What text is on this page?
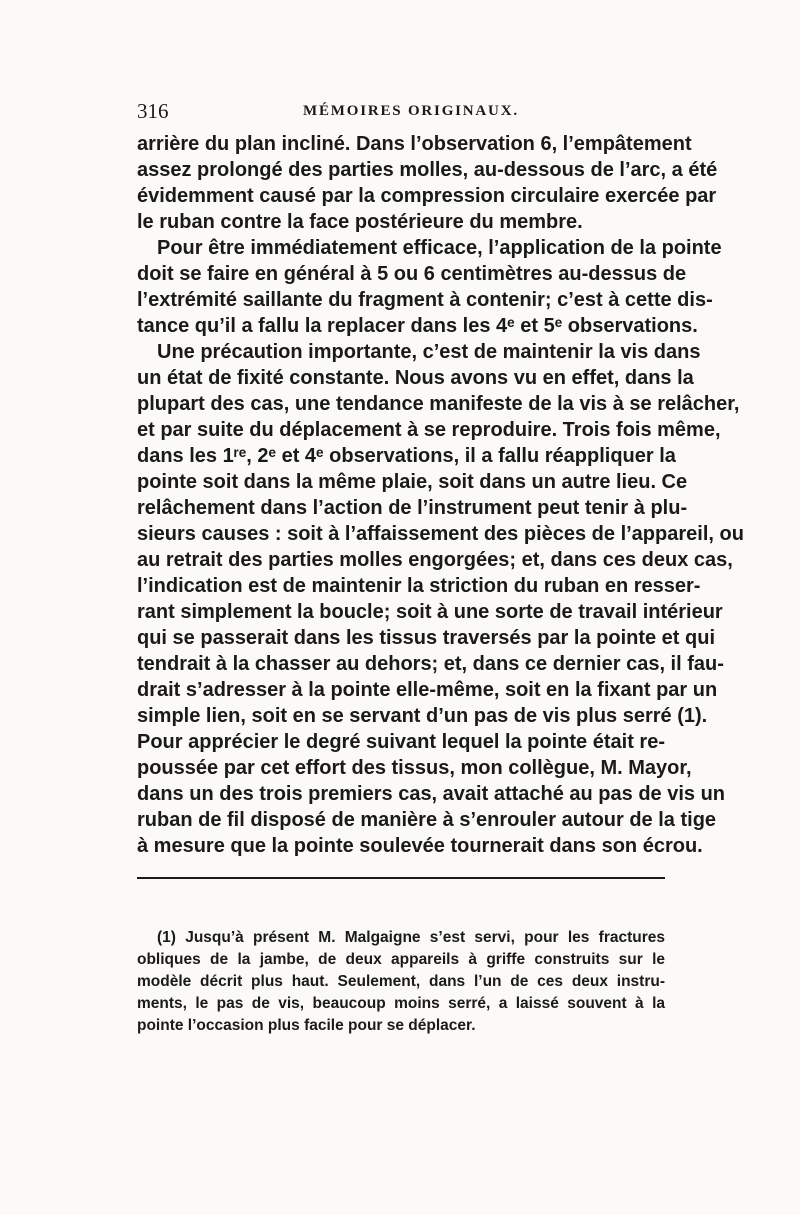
316	MÉMOIRES ORIGINAUX.
arrière du plan incliné. Dans l’observation 6, l’empâtement
assez prolongé des parties molles, au-dessous de l’arc, a été
évidemment causé par la compression circulaire exercée par
le ruban contre la face postérieure du membre.
Pour être immédiatement efficace, l’application de la pointe
doit se faire en général à 5 ou 6 centimètres au-dessus de
l’extrémité saillante du fragment à contenir; c’est à cette dis-
tance qu’il a fallu la replacer dans les 4ᵉ et 5ᵉ observations.
Une précaution importante, c’est de maintenir la vis dans
un état de fixité constante. Nous avons vu en effet, dans la
plupart des cas, une tendance manifeste de la vis à se relâcher,
et par suite du déplacement à se reproduire. Trois fois même,
dans les 1ʳᵉ, 2ᵉ et 4ᵉ observations, il a fallu réappliquer la
pointe soit dans la même plaie, soit dans un autre lieu. Ce
relâchement dans l’action de l’instrument peut tenir à plu-
sieurs causes : soit à l’affaissement des pièces de l’appareil, ou
au retrait des parties molles engorgées; et, dans ces deux cas,
l’indication est de maintenir la striction du ruban en resser-
rant simplement la boucle; soit à une sorte de travail intérieur
qui se passerait dans les tissus traversés par la pointe et qui
tendrait à la chasser au dehors; et, dans ce dernier cas, il fau-
drait s’adresser à la pointe elle-même, soit en la fixant par un
simple lien, soit en se servant d’un pas de vis plus serré (1).
Pour apprécier le degré suivant lequel la pointe était re-
poussée par cet effort des tissus, mon collègue, M. Mayor,
dans un des trois premiers cas, avait attaché au pas de vis un
ruban de fil disposé de manière à s’enrouler autour de la tige
à mesure que la pointe soulevée tournerait dans son écrou.
(1) Jusqu’à présent M. Malgaigne s’est servi, pour les fractures
obliques de la jambe, de deux appareils à griffe construits sur le
modèle décrit plus haut. Seulement, dans l’un de ces deux instru-
ments, le pas de vis, beaucoup moins serré, a laissé souvent à la
pointe l’occasion plus facile pour se déplacer.
